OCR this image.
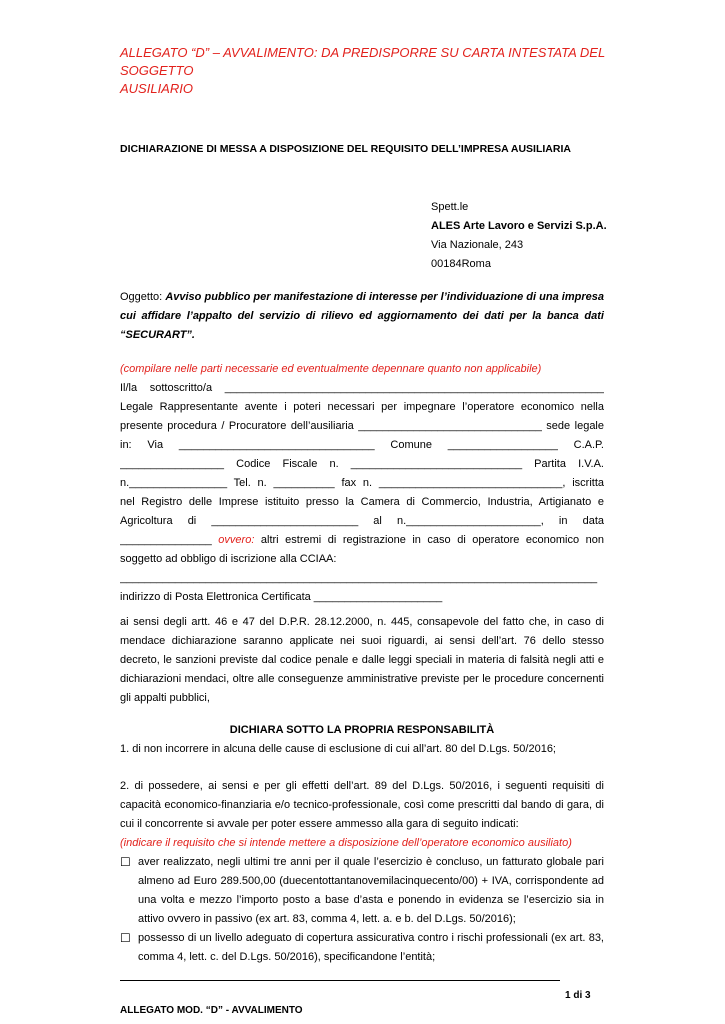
ALLEGATO “D” – AVVALIMENTO: DA PREDISPORRE SU CARTA INTESTATA DEL SOGGETTO
AUSILIARIO
DICHIARAZIONE DI MESSA A DISPOSIZIONE DEL REQUISITO DELL’IMPRESA AUSILIARIA
Spett.le
ALES Arte Lavoro e Servizi S.p.A.
Via Nazionale, 243
00184Roma
Oggetto: Avviso pubblico per manifestazione di interesse per l’individuazione di una impresa cui affidare l’appalto del servizio di rilievo ed aggiornamento dei dati per la banca dati “SECURART”.
(compilare nelle parti necessarie ed eventualmente depennare quanto non applicabile)
Il/la sottoscritto/a ______________________________________________________________
Legale Rappresentante avente i poteri necessari per impegnare l’operatore economico nella
presente procedura / Procuratore dell’ausiliaria ______________________________ sede legale
in: Via ________________________________ Comune __________________ C.A.P.
_________________ Codice Fiscale n. ____________________________ Partita I.V.A.
n.________________ Tel. n. __________ fax n. ______________________________, iscritta
nel Registro delle Imprese istituito presso la Camera di Commercio, Industria, Artigianato e
Agricoltura di ________________________ al n.______________________, in data
_______________ ovvero: altri estremi di registrazione in caso di operatore economico non
soggetto ad obbligo di iscrizione alla CCIAA:
______________________________________________________________________________
indirizzo di Posta Elettronica Certificata _____________________
ai sensi degli artt. 46 e 47 del D.P.R. 28.12.2000, n. 445, consapevole del fatto che, in caso di mendace dichiarazione saranno applicate nei suoi riguardi, ai sensi dell’art. 76 dello stesso decreto, le sanzioni previste dal codice penale e dalle leggi speciali in materia di falsità negli atti e dichiarazioni mendaci, oltre alle conseguenze amministrative previste per le procedure concernenti gli appalti pubblici,
DICHIARA SOTTO LA PROPRIA RESPONSABILITÀ
1. di non incorrere in alcuna delle cause di esclusione di cui all’art. 80 del D.Lgs. 50/2016;
2. di possedere, ai sensi e per gli effetti dell’art. 89 del D.Lgs. 50/2016, i seguenti requisiti di capacità economico-finanziaria e/o tecnico-professionale, così come prescritti dal bando di gara, di cui il concorrente si avvale per poter essere ammesso alla gara di seguito indicati:
(indicare il requisito che si intende mettere a disposizione dell’operatore economico ausiliato)
☐ aver realizzato, negli ultimi tre anni per il quale l’esercizio è concluso, un fatturato globale pari almeno ad Euro 289.500,00 (duecentottantanovemilacinquecento/00) + IVA, corrispondente ad una volta e mezzo l’importo posto a base d’asta e ponendo in evidenza se l’esercizio sia in attivo ovvero in passivo (ex art. 83, comma 4, lett. a. e b. del D.Lgs. 50/2016);
☐ possesso di un livello adeguato di copertura assicurativa contro i rischi professionali (ex art. 83, comma 4, lett. c. del D.Lgs. 50/2016), specificandone l’entità;
1 di 3
ALLEGATO MOD. “D” - AVVALIMENTO
